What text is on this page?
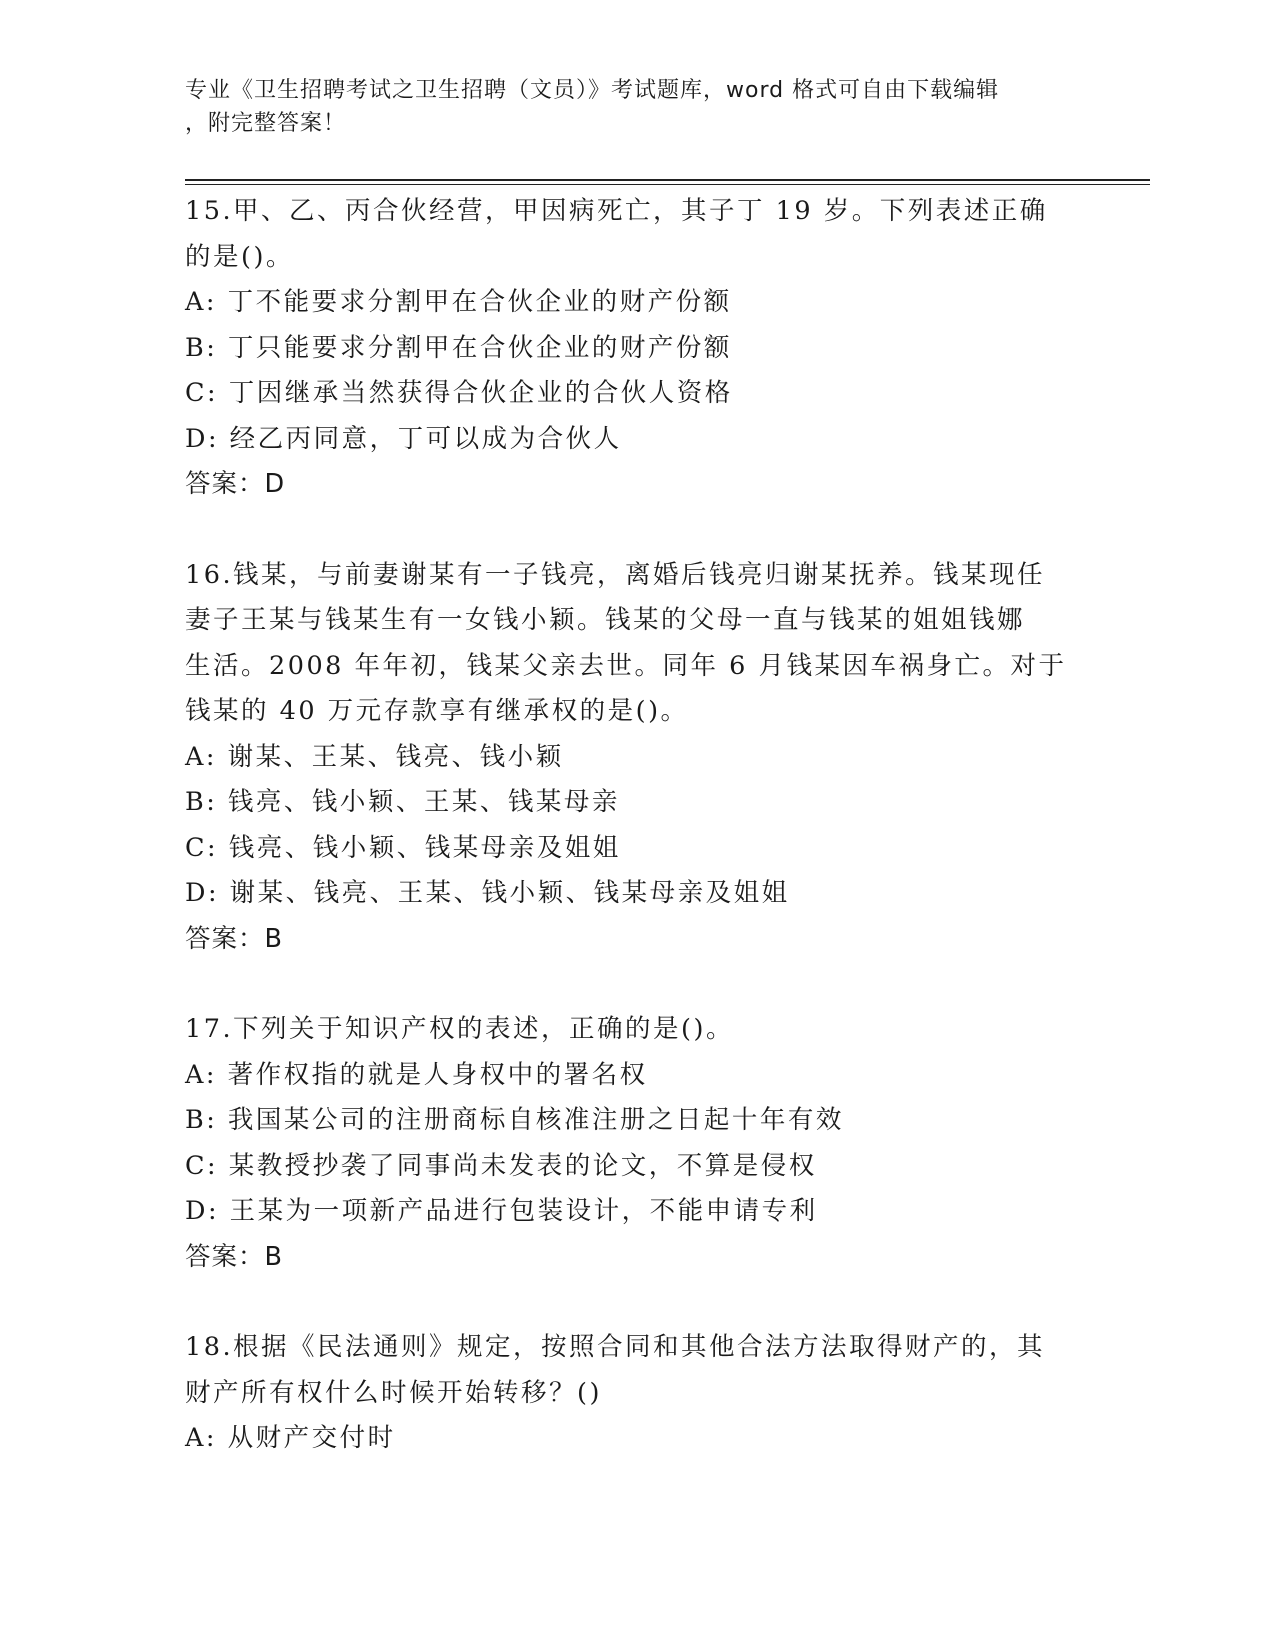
专业《卫生招聘考试之卫生招聘（文员）》考试题库，word 格式可自由下载编辑
，附完整答案！
15.甲、乙、丙合伙经营，甲因病死亡，其子丁 19 岁。下列表述正确
的是()。
A: 丁不能要求分割甲在合伙企业的财产份额
B: 丁只能要求分割甲在合伙企业的财产份额
C: 丁因继承当然获得合伙企业的合伙人资格
D: 经乙丙同意，丁可以成为合伙人
答案：D
16.钱某，与前妻谢某有一子钱亮，离婚后钱亮归谢某抚养。钱某现任
妻子王某与钱某生有一女钱小颖。钱某的父母一直与钱某的姐姐钱娜
生活。2008 年年初，钱某父亲去世。同年 6 月钱某因车祸身亡。对于
钱某的 40 万元存款享有继承权的是()。
A: 谢某、王某、钱亮、钱小颖
B: 钱亮、钱小颖、王某、钱某母亲
C: 钱亮、钱小颖、钱某母亲及姐姐
D: 谢某、钱亮、王某、钱小颖、钱某母亲及姐姐
答案：B
17.下列关于知识产权的表述，正确的是()。
A: 著作权指的就是人身权中的署名权
B: 我国某公司的注册商标自核准注册之日起十年有效
C: 某教授抄袭了同事尚未发表的论文，不算是侵权
D: 王某为一项新产品进行包装设计，不能申请专利
答案：B
18.根据《民法通则》规定，按照合同和其他合法方法取得财产的，其
财产所有权什么时候开始转移？()
A: 从财产交付时
